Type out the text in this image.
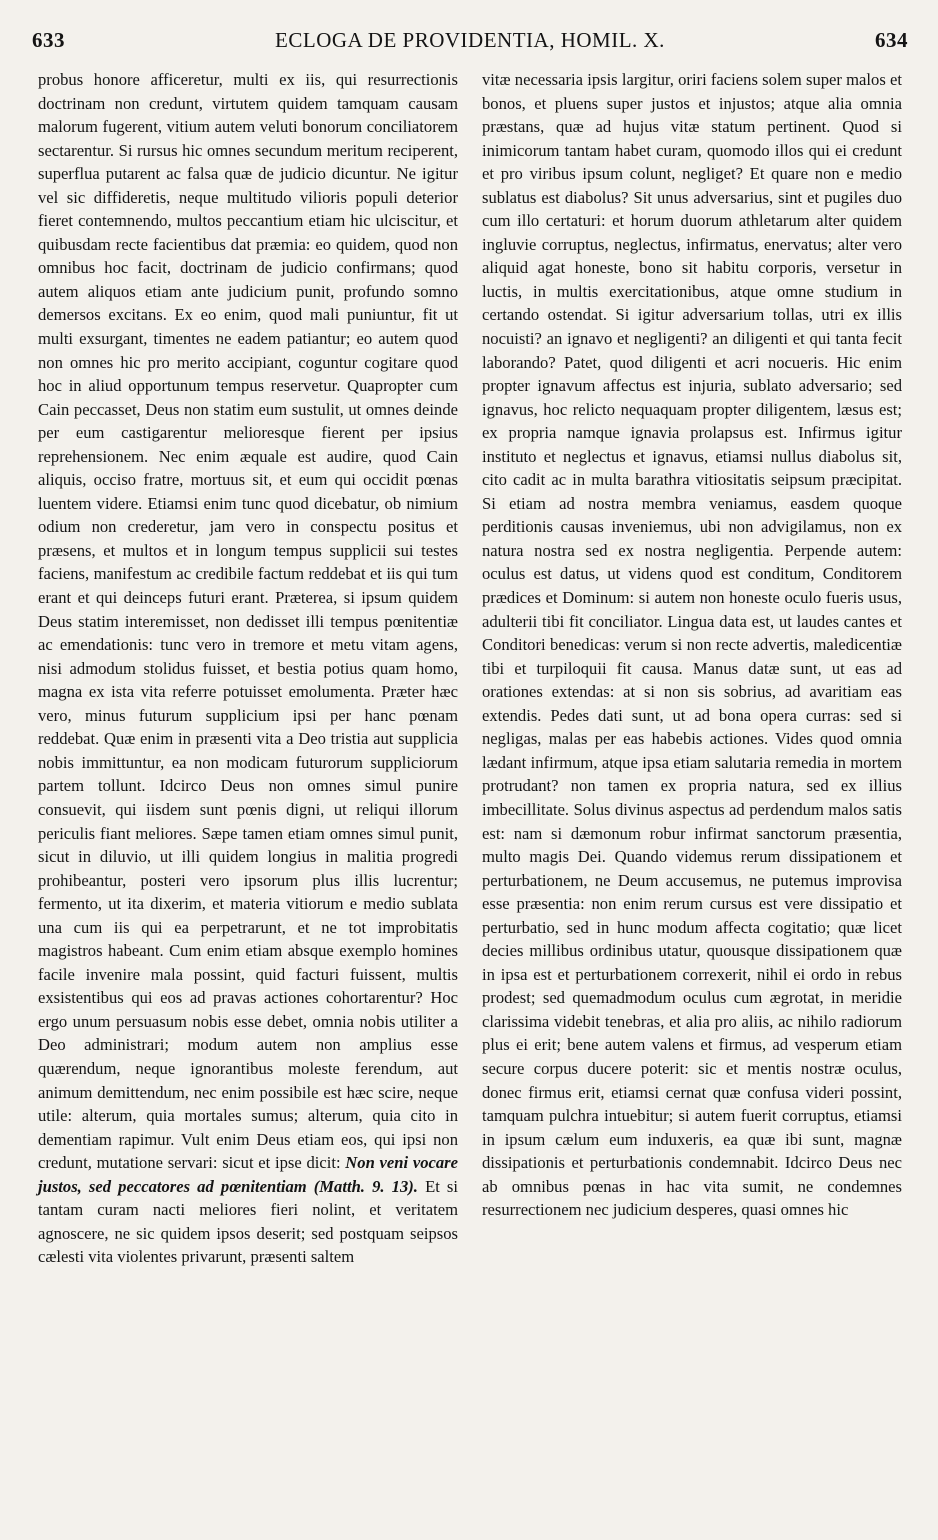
633	ECLOGA DE PROVIDENTIA, HOMIL. X.	634

probus honore afficeretur, multi ex iis, qui resurrectionis doctrinam non credunt, virtutem quidem tamquam causam malorum fugerent, vitium autem veluti bonorum conciliatorem sectarentur. Si rursus hic omnes secundum meritum reciperent, superflua putarent ac falsa quæ de judicio dicuntur. Ne igitur vel sic diffideretis, neque multitudo vilioris populi deterior fieret contemnendo, multos peccantium etiam hic ulciscitur, et quibusdam recte facientibus dat præmia: eo quidem, quod non omnibus hoc facit, doctrinam de judicio confirmans; quod autem aliquos etiam ante judicium punit, profundo somno demersos excitans. Ex eo enim, quod mali puniuntur, fit ut multi exsurgant, timentes ne eadem patiantur; eo autem quod non omnes hic pro merito accipiant, coguntur cogitare quod hoc in aliud opportunum tempus reservetur. Quapropter cum Cain peccasset, Deus non statim eum sustulit, ut omnes deinde per eum castigarentur melioresque fierent per ipsius reprehensionem. Nec enim æquale est audire, quod Cain aliquis, occiso fratre, mortuus sit, et eum qui occidit pœnas luentem videre. Etiamsi enim tunc quod dicebatur, ob nimium odium non crederetur, jam vero in conspectu positus et præsens, et multos et in longum tempus supplicii sui testes faciens, manifestum ac credibile factum reddebat et iis qui tum erant et qui deinceps futuri erant. Præterea, si ipsum quidem Deus statim interemisset, non dedisset illi tempus pœnitentiæ ac emendationis: tunc vero in tremore et metu vitam agens, nisi admodum stolidus fuisset, et bestia potius quam homo, magna ex ista vita referre potuisset emolumenta. Præter hæc vero, minus futurum supplicium ipsi per hanc pœnam reddebat. Quæ enim in præsenti vita a Deo tristia aut supplicia nobis immittuntur, ea non modicam futurorum suppliciorum partem tollunt. Idcirco Deus non omnes simul punire consuevit, qui iisdem sunt pœnis digni, ut reliqui illorum periculis fiant meliores. Sæpe tamen etiam omnes simul punit, sicut in diluvio, ut illi quidem longius in malitia progredi prohibeantur, posteri vero ipsorum plus illis lucrentur; fermento, ut ita dixerim, et materia vitiorum e medio sublata una cum iis qui ea perpetrarunt, et ne tot improbitatis magistros habeant. Cum enim etiam absque exemplo homines facile invenire mala possint, quid facturi fuissent, multis exsistentibus qui eos ad pravas actiones cohortarentur? Hoc ergo unum persuasum nobis esse debet, omnia nobis utiliter a Deo administrari; modum autem non amplius esse quærendum, neque ignorantibus moleste ferendum, aut animum demittendum, nec enim possibile est hæc scire, neque utile: alterum, quia mortales sumus; alterum, quia cito in dementiam rapimur. Vult enim Deus etiam eos, qui ipsi non credunt, mutatione servari: sicut et ipse dicit: Non veni vocare justos, sed peccatores ad pœnitentiam (Matth. 9. 13). Et si tantam curam nacti meliores fieri nolint, et veritatem agnoscere, ne sic quidem ipsos deserit; sed postquam seipsos cælesti vita violentes privarunt, præsenti saltem

vitæ necessaria ipsis largitur, oriri faciens solem super malos et bonos, et pluens super justos et injustos; atque alia omnia præstans, quæ ad hujus vitæ statum pertinent. Quod si inimicorum tantam habet curam, quomodo illos qui ei credunt et pro viribus ipsum colunt, negliget? Et quare non e medio sublatus est diabolus? Sit unus adversarius, sint et pugiles duo cum illo certaturi: et horum duorum athletarum alter quidem ingluvie corruptus, neglectus, infirmatus, enervatus; alter vero aliquid agat honeste, bono sit habitu corporis, versetur in luctis, in multis exercitationibus, atque omne studium in certando ostendat. Si igitur adversarium tollas, utri ex illis nocuisti? an ignavo et negligenti? an diligenti et qui tanta fecit laborando? Patet, quod diligenti et acri nocueris. Hic enim propter ignavum affectus est injuria, sublato adversario; sed ignavus, hoc relicto nequaquam propter diligentem, læsus est; ex propria namque ignavia prolapsus est. Infirmus igitur instituto et neglectus et ignavus, etiamsi nullus diabolus sit, cito cadit ac in multa barathra vitiositatis seipsum præcipitat. Si etiam ad nostra membra veniamus, easdem quoque perditionis causas inveniemus, ubi non advigilamus, non ex natura nostra sed ex nostra negligentia. Perpende autem: oculus est datus, ut videns quod est conditum, Conditorem prædices et Dominum: si autem non honeste oculo fueris usus, adulterii tibi fit conciliator. Lingua data est, ut laudes cantes et Conditori benedicas: verum si non recte advertis, maledicentiæ tibi et turpiloquii fit causa. Manus datæ sunt, ut eas ad orationes extendas: at si non sis sobrius, ad avaritiam eas extendis. Pedes dati sunt, ut ad bona opera curras: sed si negligas, malas per eas habebis actiones. Vides quod omnia lædant infirmum, atque ipsa etiam salutaria remedia in mortem protrudant? non tamen ex propria natura, sed ex illius imbecillitate. Solus divinus aspectus ad perdendum malos satis est: nam si dæmonum robur infirmat sanctorum præsentia, multo magis Dei. Quando videmus rerum dissipationem et perturbationem, ne Deum accusemus, ne putemus improvisa esse præsentia: non enim rerum cursus est vere dissipatio et perturbatio, sed in hunc modum affecta cogitatio; quæ licet decies millibus ordinibus utatur, quousque dissipationem quæ in ipsa est et perturbationem correxerit, nihil ei ordo in rebus prodest; sed quemadmodum oculus cum ægrotat, in meridie clarissima videbit tenebras, et alia pro aliis, ac nihilo radiorum plus ei erit; bene autem valens et firmus, ad vesperum etiam secure corpus ducere poterit: sic et mentis nostræ oculus, donec firmus erit, etiamsi cernat quæ confusa videri possint, tamquam pulchra intuebitur; si autem fuerit corruptus, etiamsi in ipsum cælum eum induxeris, ea quæ ibi sunt, magnæ dissipationis et perturbationis condemnabit. Idcirco Deus nec ab omnibus pœnas in hac vita sumit, ne condemnes resurrectionem nec judicium desperes, quasi omnes hic
